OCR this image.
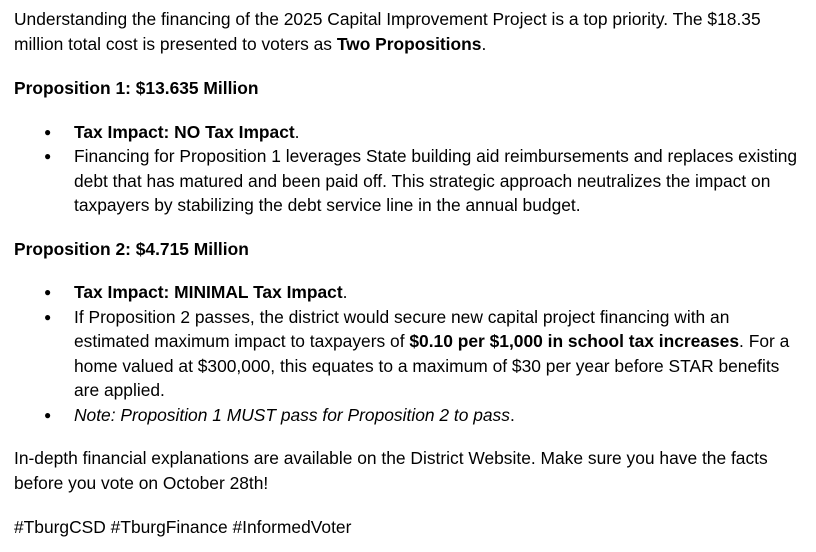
Understanding the financing of the 2025 Capital Improvement Project is a top priority. The $18.35 million total cost is presented to voters as Two Propositions.

Proposition 1: $13.635 Million

● Tax Impact: NO Tax Impact.
● Financing for Proposition 1 leverages State building aid reimbursements and replaces existing debt that has matured and been paid off. This strategic approach neutralizes the impact on taxpayers by stabilizing the debt service line in the annual budget.

Proposition 2: $4.715 Million

● Tax Impact: MINIMAL Tax Impact.
● If Proposition 2 passes, the district would secure new capital project financing with an estimated maximum impact to taxpayers of $0.10 per $1,000 in school tax increases. For a home valued at $300,000, this equates to a maximum of $30 per year before STAR benefits are applied.
● Note: Proposition 1 MUST pass for Proposition 2 to pass.

In-depth financial explanations are available on the District Website. Make sure you have the facts before you vote on October 28th!

#TburgCSD #TburgFinance #InformedVoter
